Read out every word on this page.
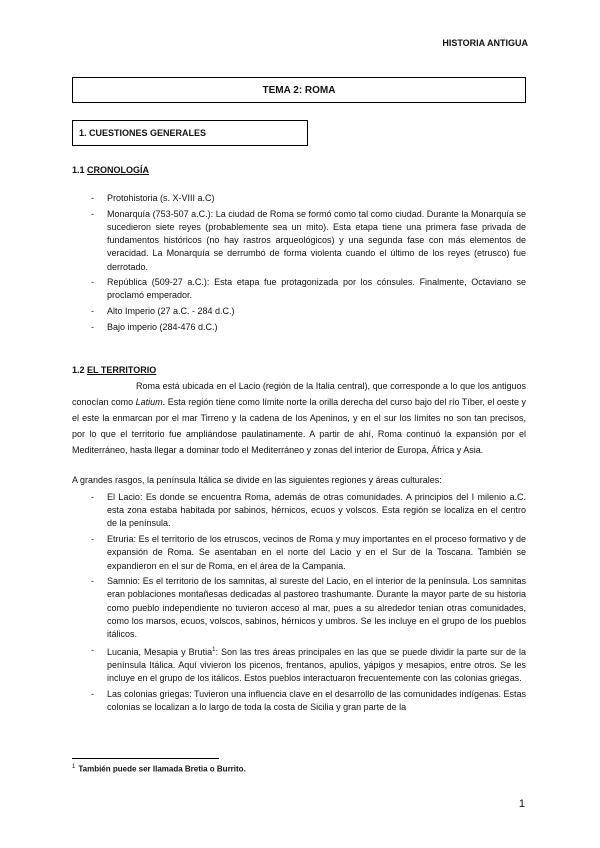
HISTORIA ANTIGUA
TEMA 2: ROMA
1. CUESTIONES GENERALES
1.1 CRONOLOGÍA
- Protohistoria (s. X-VIII a.C)
- Monarquía (753-507 a.C.): La ciudad de Roma se formó como tal como ciudad. Durante la Monarquía se sucedieron siete reyes (probablemente sea un mito). Esta etapa tiene una primera fase privada de fundamentos históricos (no hay rastros arqueológicos) y una segunda fase con más elementos de veracidad. La Monarquía se derrumbó de forma violenta cuando el último de los reyes (etrusco) fue derrotado.
- República (509-27 a.C.): Esta etapa fue protagonizada por los cónsules. Finalmente, Octaviano se proclamó emperador.
- Alto Imperio (27 a.C. - 284 d.C.)
- Bajo imperio (284-476 d.C.)
1.2 EL TERRITORIO

Roma está ubicada en el Lacio (región de la Italia central), que corresponde a lo que los antiguos conocían como Latium. Esta región tiene como límite norte la orilla derecha del curso bajo del río Tíber, el oeste y el este la enmarcan por el mar Tirreno y la cadena de los Apeninos, y en el sur los límites no son tan precisos, por lo que el territorio fue ampliándose paulatinamente. A partir de ahí, Roma continuó la expansión por el Mediterráneo, hasta llegar a dominar todo el Mediterráneo y zonas del interior de Europa, África y Asia.

A grandes rasgos, la península Itálica se divide en las siguientes regiones y áreas culturales:

- El Lacio: Es donde se encuentra Roma, además de otras comunidades. A principios del I milenio a.C. esta zona estaba habitada por sabinos, hérnicos, ecuos y volscos. Esta región se localiza en el centro de la península.
- Etruria: Es el territorio de los etruscos, vecinos de Roma y muy importantes en el proceso formativo y de expansión de Roma. Se asentaban en el norte del Lacio y en el Sur de la Toscana. También se expandieron en el sur de Roma, en el área de la Campania.
- Samnio: Es el territorio de los samnitas, al sureste del Lacio, en el interior de la península. Los samnitas eran poblaciones montañesas dedicadas al pastoreo trashumante. Durante la mayor parte de su historia como pueblo independiente no tuvieron acceso al mar, pues a su alrededor tenían otras comunidades, como los marsos, ecuos, volscos, sabinos, hérnicos y umbros. Se les incluye en el grupo de los pueblos itálicos.
- Lucania, Mesapia y Brutia$^1$: Son las tres áreas principales en las que se puede dividir la parte sur de la península Itálica. Aquí vivieron los picenos, frentanos, apulios, yápigos y mesapios, entre otros. Se les incluye en el grupo de los itálicos. Estos pueblos interactuaron frecuentemente con las colonias griegas.
- Las colonias griegas: Tuvieron una influencia clave en el desarrollo de las comunidades indígenas. Estas colonias se localizan a lo largo de toda la costa de Sicilia y gran parte de la
$^1$ También puede ser llamada Bretia o Burrito.
1
